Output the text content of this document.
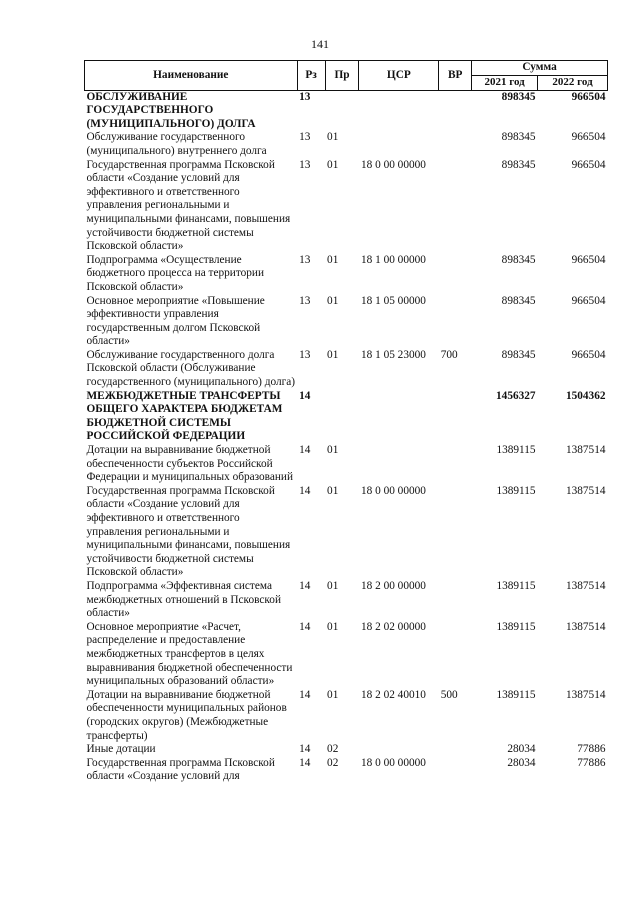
141
Наименование	Рз	Пр	ЦСР	ВР	Сумма	
					2021 год	2022 год
ОБСЛУЖИВАНИЕ ГОСУДАРСТВЕННОГО (МУНИЦИПАЛЬНОГО) ДОЛГА	13				898345	966504
Обслуживание государственного (муниципального) внутреннего долга	13	01			898345	966504
Государственная программа Псковской области «Создание условий для эффективного и ответственного управления региональными и муниципальными финансами, повышения устойчивости бюджетной системы Псковской области»	13	01	18 0 00 00000		898345	966504
Подпрограмма «Осуществление бюджетного процесса на территории Псковской области»	13	01	18 1 00 00000		898345	966504
Основное мероприятие «Повышение эффективности управления государственным долгом Псковской области»	13	01	18 1 05 00000		898345	966504
Обслуживание государственного долга Псковской области (Обслуживание государственного (муниципального) долга)	13	01	18 1 05 23000	700	898345	966504
МЕЖБЮДЖЕТНЫЕ ТРАНСФЕРТЫ ОБЩЕГО ХАРАКТЕРА БЮДЖЕТАМ БЮДЖЕТНОЙ СИСТЕМЫ РОССИЙСКОЙ ФЕДЕРАЦИИ	14				1456327	1504362
Дотации на выравнивание бюджетной обеспеченности субъектов Российской Федерации и муниципальных образований	14	01			1389115	1387514
Государственная программа Псковской области «Создание условий для эффективного и ответственного управления региональными и муниципальными финансами, повышения устойчивости бюджетной системы Псковской области»	14	01	18 0 00 00000		1389115	1387514
Подпрограмма «Эффективная система межбюджетных отношений в Псковской области»	14	01	18 2 00 00000		1389115	1387514
Основное мероприятие «Расчет, распределение и предоставление межбюджетных трансфертов в целях выравнивания бюджетной обеспеченности муниципальных образований области»	14	01	18 2 02 00000		1389115	1387514
Дотации на выравнивание бюджетной обеспеченности муниципальных районов (городских округов) (Межбюджетные трансферты)	14	01	18 2 02 40010	500	1389115	1387514
Иные дотации	14	02			28034	77886
Государственная программа Псковской области «Создание условий для	14	02	18 0 00 00000		28034	77886
